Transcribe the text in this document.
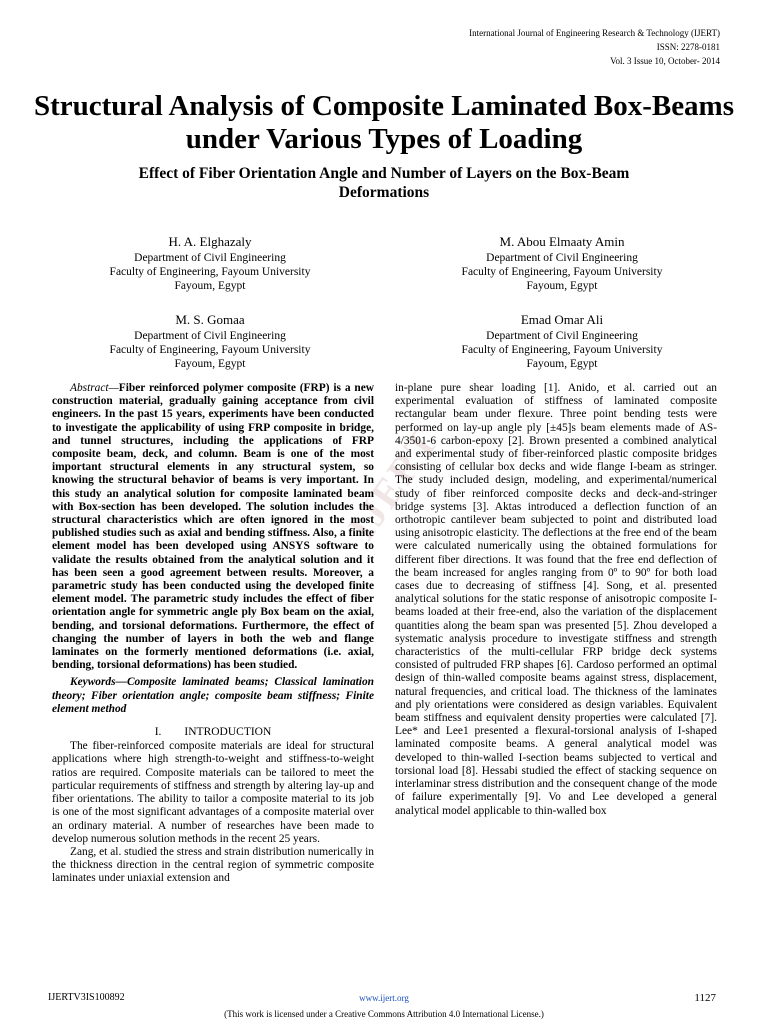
International Journal of Engineering Research & Technology (IJERT)
ISSN: 2278-0181
Vol. 3 Issue 10, October- 2014
Structural Analysis of Composite Laminated Box-Beams under Various Types of Loading
Effect of Fiber Orientation Angle and Number of Layers on the Box-Beam Deformations
H. A. Elghazaly
Department of Civil Engineering
Faculty of Engineering, Fayoum University
Fayoum, Egypt
M. Abou Elmaaty Amin
Department of Civil Engineering
Faculty of Engineering, Fayoum University
Fayoum, Egypt
M. S. Gomaa
Department of Civil Engineering
Faculty of Engineering, Fayoum University
Fayoum, Egypt
Emad Omar Ali
Department of Civil Engineering
Faculty of Engineering, Fayoum University
Fayoum, Egypt
IJERT

Abstract—Fiber reinforced polymer composite (FRP) is a new construction material, gradually gaining acceptance from civil engineers. In the past 15 years, experiments have been conducted to investigate the applicability of using FRP composite in bridge, and tunnel structures, including the applications of FRP composite beam, deck, and column. Beam is one of the most important structural elements in any structural system, so knowing the structural behavior of beams is very important. In this study an analytical solution for composite laminated beam with Box-section has been developed. The solution includes the structural characteristics which are often ignored in the most published studies such as axial and bending stiffness. Also, a finite element model has been developed using ANSYS software to validate the results obtained from the analytical solution and it has been seen a good agreement between results. Moreover, a parametric study has been conducted using the developed finite element model. The parametric study includes the effect of fiber orientation angle for symmetric angle ply Box beam on the axial, bending, and torsional deformations. Furthermore, the effect of changing the number of layers in both the web and flange laminates on the formerly mentioned deformations (i.e. axial, bending, torsional deformations) has been studied.

Keywords—Composite laminated beams; Classical lamination theory; Fiber orientation angle; composite beam stiffness; Finite element method

I.  INTRODUCTION

The fiber-reinforced composite materials are ideal for structural applications where high strength-to-weight and stiffness-to-weight ratios are required. Composite materials can be tailored to meet the particular requirements of stiffness and strength by altering lay-up and fiber orientations. The ability to tailor a composite material to its job is one of the most significant advantages of a composite material over an ordinary material. A number of researches have been made to develop numerous solution methods in the recent 25 years.

Zang, et al. studied the stress and strain distribution numerically in the thickness direction in the central region of symmetric composite laminates under uniaxial extension and

in-plane pure shear loading [1]. Anido, et al. carried out an experimental evaluation of stiffness of laminated composite rectangular beam under flexure. Three point bending tests were performed on lay-up angle ply [±45]s beam elements made of AS-4/3501-6 carbon-epoxy [2]. Brown presented a combined analytical and experimental study of fiber-reinforced plastic composite bridges consisting of cellular box decks and wide flange I-beam as stringer. The study included design, modeling, and experimental/numerical study of fiber reinforced composite decks and deck-and-stringer bridge systems [3]. Aktas introduced a deflection function of an orthotropic cantilever beam subjected to point and distributed load using anisotropic elasticity. The deflections at the free end of the beam were calculated numerically using the obtained formulations for different fiber directions. It was found that the free end deflection of the beam increased for angles ranging from 0º to 90º for both load cases due to decreasing of stiffness [4]. Song, et al. presented analytical solutions for the static response of anisotropic composite I-beams loaded at their free-end, also the variation of the displacement quantities along the beam span was presented [5]. Zhou developed a systematic analysis procedure to investigate stiffness and strength characteristics of the multi-cellular FRP bridge deck systems consisted of pultruded FRP shapes [6]. Cardoso performed an optimal design of thin-walled composite beams against stress, displacement, natural frequencies, and critical load. The thickness of the laminates and ply orientations were considered as design variables. Equivalent beam stiffness and equivalent density properties were calculated [7]. Lee* and Lee1 presented a flexural-torsional analysis of I-shaped laminated composite beams. A general analytical model was developed to thin-walled I-section beams subjected to vertical and torsional load [8]. Hessabi studied the effect of stacking sequence on interlaminar stress distribution and the consequent change of the mode of failure experimentally [9]. Vo and Lee developed a general analytical model applicable to thin-walled box

IJERTV3IS100892	www.ijert.org	1127
(This work is licensed under a Creative Commons Attribution 4.0 International License.)
